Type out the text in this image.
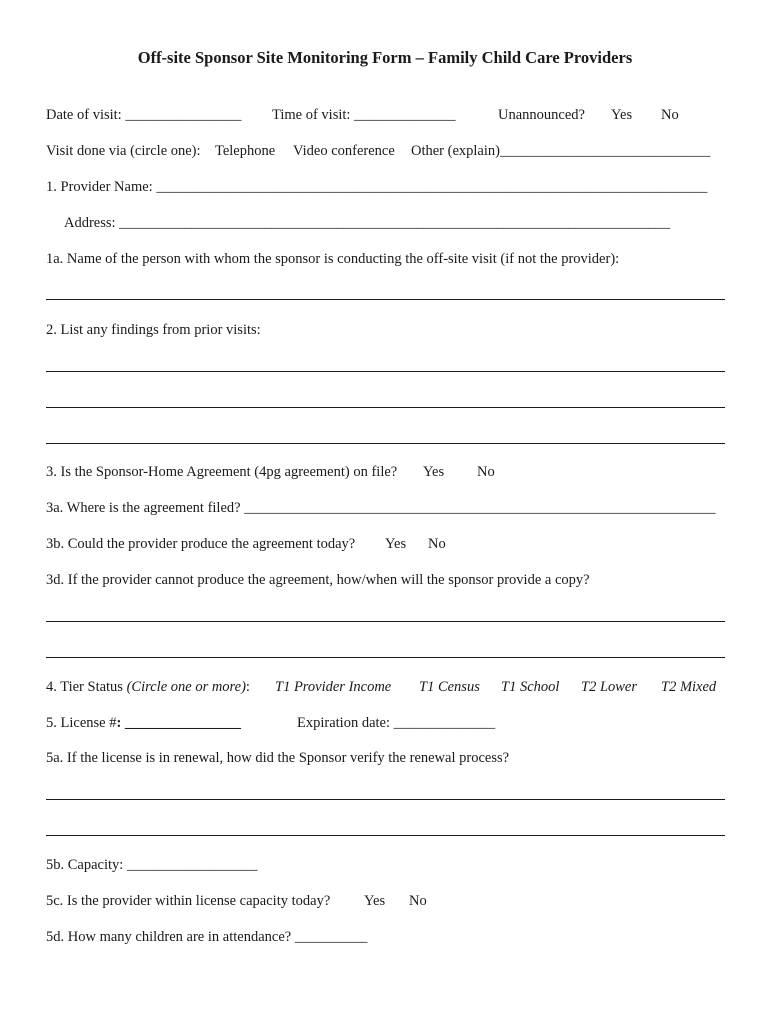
Off-site Sponsor Site Monitoring Form – Family Child Care Providers
Date of visit: ________________ Time of visit: ______________	Unannounced? Yes No
Visit done via (circle one): Telephone Video conference Other (explain)_____________________________
1. Provider Name: ____________________________________________________________________________
Address: ____________________________________________________________________________
1a. Name of the person with whom the sponsor is conducting the off-site visit (if not the provider):
2. List any findings from prior visits:
3. Is the Sponsor-Home Agreement (4pg agreement) on file? Yes No
3a. Where is the agreement filed? _________________________________________________________________
3b. Could the provider produce the agreement today? Yes No
3d. If the provider cannot produce the agreement, how/when will the sponsor provide a copy?
4. Tier Status (Circle one or more): T1 Provider Income T1 Census T1 School T2 Lower T2 Mixed
5. License #: ________________	Expiration date: ______________
5a. If the license is in renewal, how did the Sponsor verify the renewal process?
5b. Capacity: __________________
5c. Is the provider within license capacity today? Yes No
5d. How many children are in attendance? __________
